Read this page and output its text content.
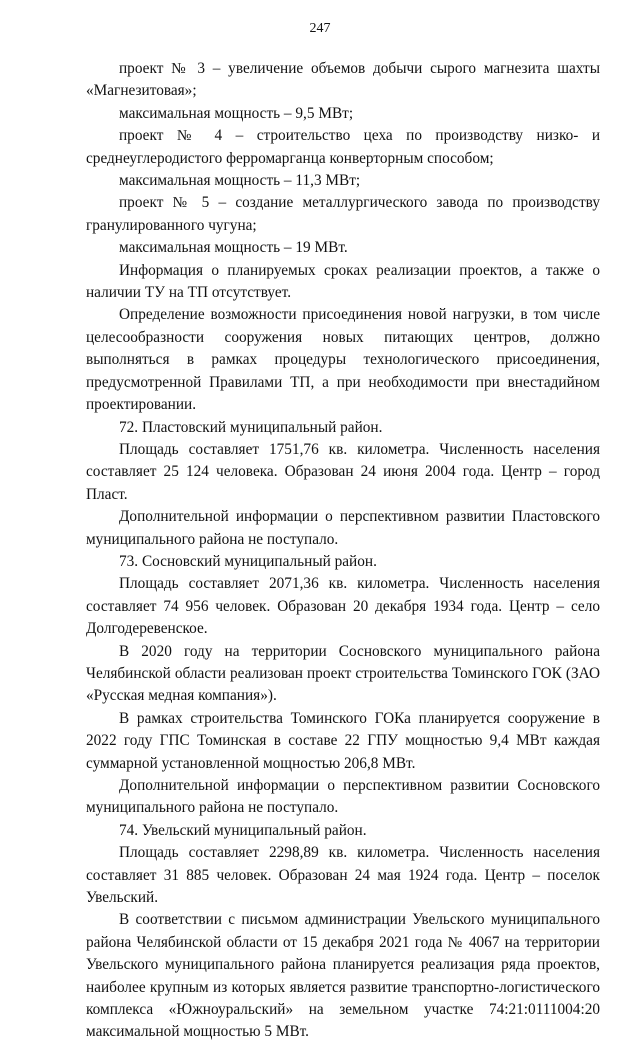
247

проект № 3 – увеличение объемов добычи сырого магнезита шахты «Магнезитовая»;

максимальная мощность – 9,5 МВт;

проект № 4 – строительство цеха по производству низко- и среднеуглеродистого ферромарганца конверторным способом;

максимальная мощность – 11,3 МВт;

проект № 5 – создание металлургического завода по производству гранулированного чугуна;

максимальная мощность – 19 МВт.

Информация о планируемых сроках реализации проектов, а также о наличии ТУ на ТП отсутствует.

Определение возможности присоединения новой нагрузки, в том числе целесообразности сооружения новых питающих центров, должно выполняться в рамках процедуры технологического присоединения, предусмотренной Правилами ТП, а при необходимости при внестадийном проектировании.

72. Пластовский муниципальный район.

Площадь составляет 1751,76 кв. километра. Численность населения составляет 25 124 человека. Образован 24 июня 2004 года. Центр – город Пласт.

Дополнительной информации о перспективном развитии Пластовского муниципального района не поступало.

73. Сосновский муниципальный район.

Площадь составляет 2071,36 кв. километра. Численность населения составляет 74 956 человек. Образован 20 декабря 1934 года. Центр – село Долгодеревенское.

В 2020 году на территории Сосновского муниципального района Челябинской области реализован проект строительства Томинского ГОК (ЗАО «Русская медная компания»).

В рамках строительства Томинского ГОКа планируется сооружение в 2022 году ГПС Томинская в составе 22 ГПУ мощностью 9,4 МВт каждая суммарной установленной мощностью 206,8 МВт.

Дополнительной информации о перспективном развитии Сосновского муниципального района не поступало.

74. Увельский муниципальный район.

Площадь составляет 2298,89 кв. километра. Численность населения составляет 31 885 человек. Образован 24 мая 1924 года. Центр – поселок Увельский.

В соответствии с письмом администрации Увельского муниципального района Челябинской области от 15 декабря 2021 года № 4067 на территории Увельского муниципального района планируется реализация ряда проектов, наиболее крупным из которых является развитие транспортно-логистического комплекса «Южноуральский» на земельном участке 74:21:0111004:20 максимальной мощностью 5 МВт.
